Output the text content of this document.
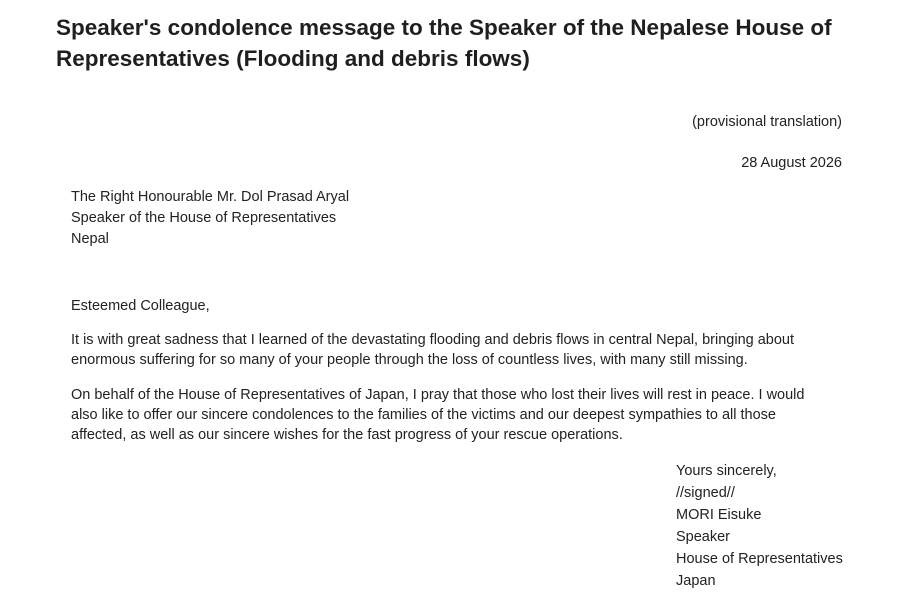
Speaker's condolence message to the Speaker of the Nepalese House of Representatives (Flooding and debris flows)
(provisional translation)
28 August 2026
The Right Honourable Mr. Dol Prasad Aryal
Speaker of the House of Representatives
Nepal
Esteemed Colleague,

It is with great sadness that I learned of the devastating flooding and debris flows in central Nepal, bringing about enormous suffering for so many of your people through the loss of countless lives, with many still missing.

On behalf of the House of Representatives of Japan, I pray that those who lost their lives will rest in peace. I would also like to offer our sincere condolences to the families of the victims and our deepest sympathies to all those affected, as well as our sincere wishes for the fast progress of your rescue operations.

Yours sincerely,
//signed//
MORI Eisuke
Speaker
House of Representatives
Japan
